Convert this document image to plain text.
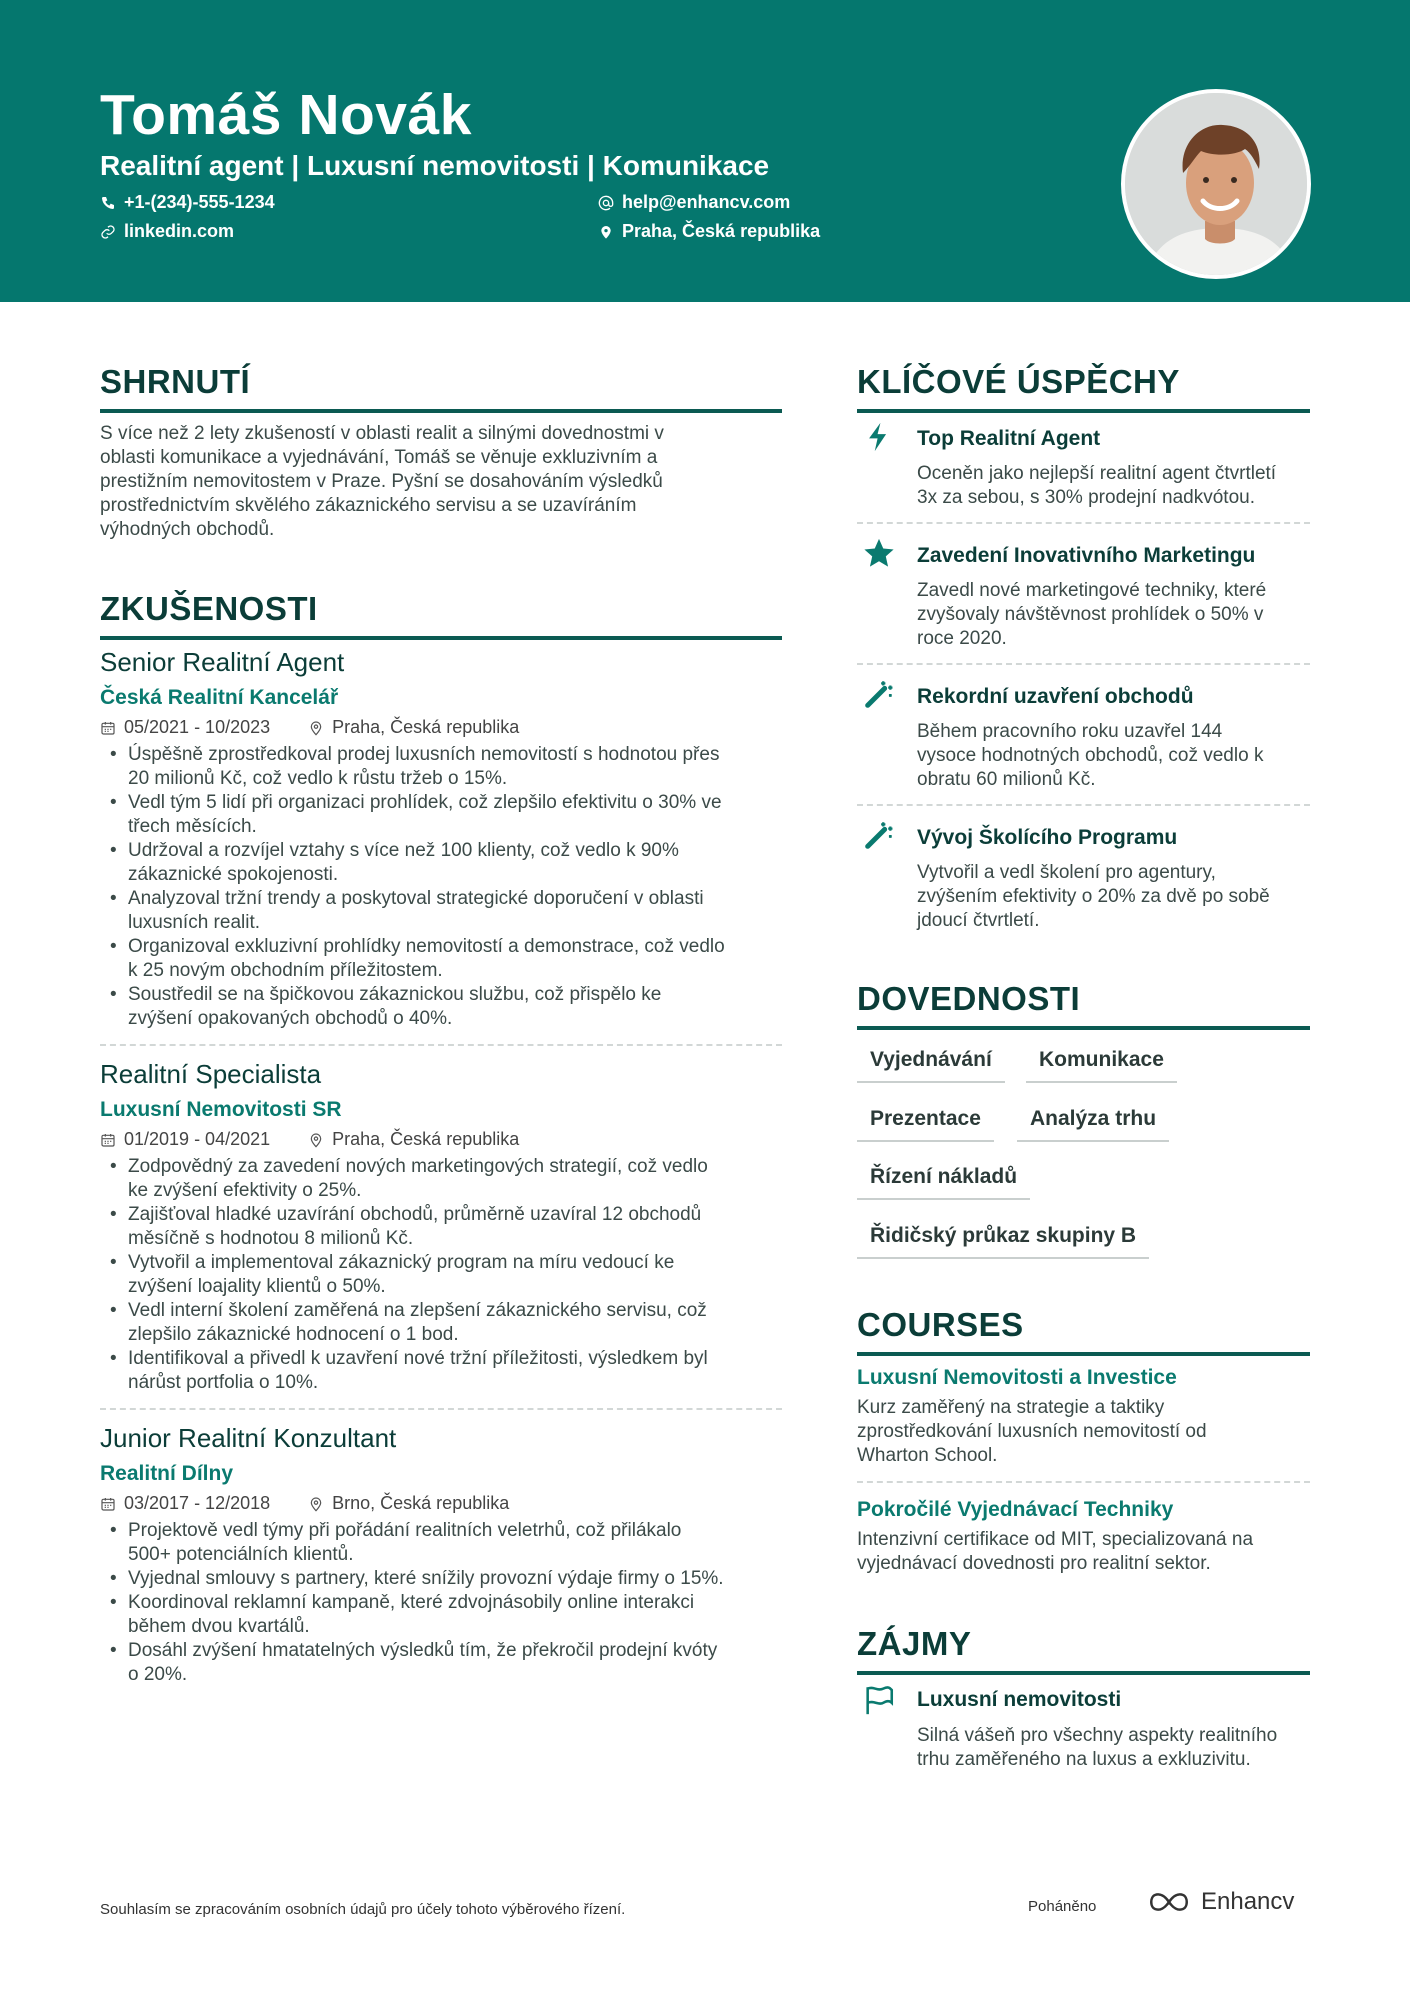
Tomáš Novák
Realitní agent | Luxusní nemovitosti | Komunikace
+1-(234)-555-1234	help@enhancv.com
linkedin.com	Praha, Česká republika
SHRNUTÍ
S více než 2 lety zkušeností v oblasti realit a silnými dovednostmi v
oblasti komunikace a vyjednávání, Tomáš se věnuje exkluzivním a
prestižním nemovitostem v Praze. Pyšní se dosahováním výsledků
prostřednictvím skvělého zákaznického servisu a se uzavíráním
výhodných obchodů.
ZKUŠENOSTI
Senior Realitní Agent
Česká Realitní Kancelář
05/2021 - 10/2023	Praha, Česká republika
• Úspěšně zprostředkoval prodej luxusních nemovitostí s hodnotou přes
20 milionů Kč, což vedlo k růstu tržeb o 15%.
• Vedl tým 5 lidí při organizaci prohlídek, což zlepšilo efektivitu o 30% ve
třech měsících.
• Udržoval a rozvíjel vztahy s více než 100 klienty, což vedlo k 90%
zákaznické spokojenosti.
• Analyzoval tržní trendy a poskytoval strategické doporučení v oblasti
luxusních realit.
• Organizoval exkluzivní prohlídky nemovitostí a demonstrace, což vedlo
k 25 novým obchodním příležitostem.
• Soustředil se na špičkovou zákaznickou službu, což přispělo ke
zvýšení opakovaných obchodů o 40%.
Realitní Specialista
Luxusní Nemovitosti SR
01/2019 - 04/2021	Praha, Česká republika
• Zodpovědný za zavedení nových marketingových strategií, což vedlo
ke zvýšení efektivity o 25%.
• Zajišťoval hladké uzavírání obchodů, průměrně uzavíral 12 obchodů
měsíčně s hodnotou 8 milionů Kč.
• Vytvořil a implementoval zákaznický program na míru vedoucí ke
zvýšení loajality klientů o 50%.
• Vedl interní školení zaměřená na zlepšení zákaznického servisu, což
zlepšilo zákaznické hodnocení o 1 bod.
• Identifikoval a přivedl k uzavření nové tržní příležitosti, výsledkem byl
nárůst portfolia o 10%.
Junior Realitní Konzultant
Realitní Dílny
03/2017 - 12/2018	Brno, Česká republika
• Projektově vedl týmy při pořádání realitních veletrhů, což přilákalo
500+ potenciálních klientů.
• Vyjednal smlouvy s partnery, které snížily provozní výdaje firmy o 15%.
• Koordinoval reklamní kampaně, které zdvojnásobily online interakci
během dvou kvartálů.
• Dosáhl zvýšení hmatatelných výsledků tím, že překročil prodejní kvóty
o 20%.
KLÍČOVÉ ÚSPĚCHY
Top Realitní Agent
Oceněn jako nejlepší realitní agent čtvrtletí
3x za sebou, s 30% prodejní nadkvótou.
Zavedení Inovativního Marketingu
Zavedl nové marketingové techniky, které
zvyšovaly návštěvnost prohlídek o 50% v
roce 2020.
Rekordní uzavření obchodů
Během pracovního roku uzavřel 144
vysoce hodnotných obchodů, což vedlo k
obratu 60 milionů Kč.
Vývoj Školícího Programu
Vytvořil a vedl školení pro agentury,
zvýšením efektivity o 20% za dvě po sobě
jdoucí čtvrtletí.
DOVEDNOSTI
Vyjednávání	Komunikace
Prezentace	Analýza trhu
Řízení nákladů
Řidičský průkaz skupiny B
COURSES
Luxusní Nemovitosti a Investice
Kurz zaměřený na strategie a taktiky
zprostředkování luxusních nemovitostí od
Wharton School.
Pokročilé Vyjednávací Techniky
Intenzivní certifikace od MIT, specializovaná na
vyjednávací dovednosti pro realitní sektor.
ZÁJMY
Luxusní nemovitosti
Silná vášeň pro všechny aspekty realitního
trhu zaměřeného na luxus a exkluzivitu.
Souhlasím se zpracováním osobních údajů pro účely tohoto výběrového řízení.	Poháněno	Enhancv
